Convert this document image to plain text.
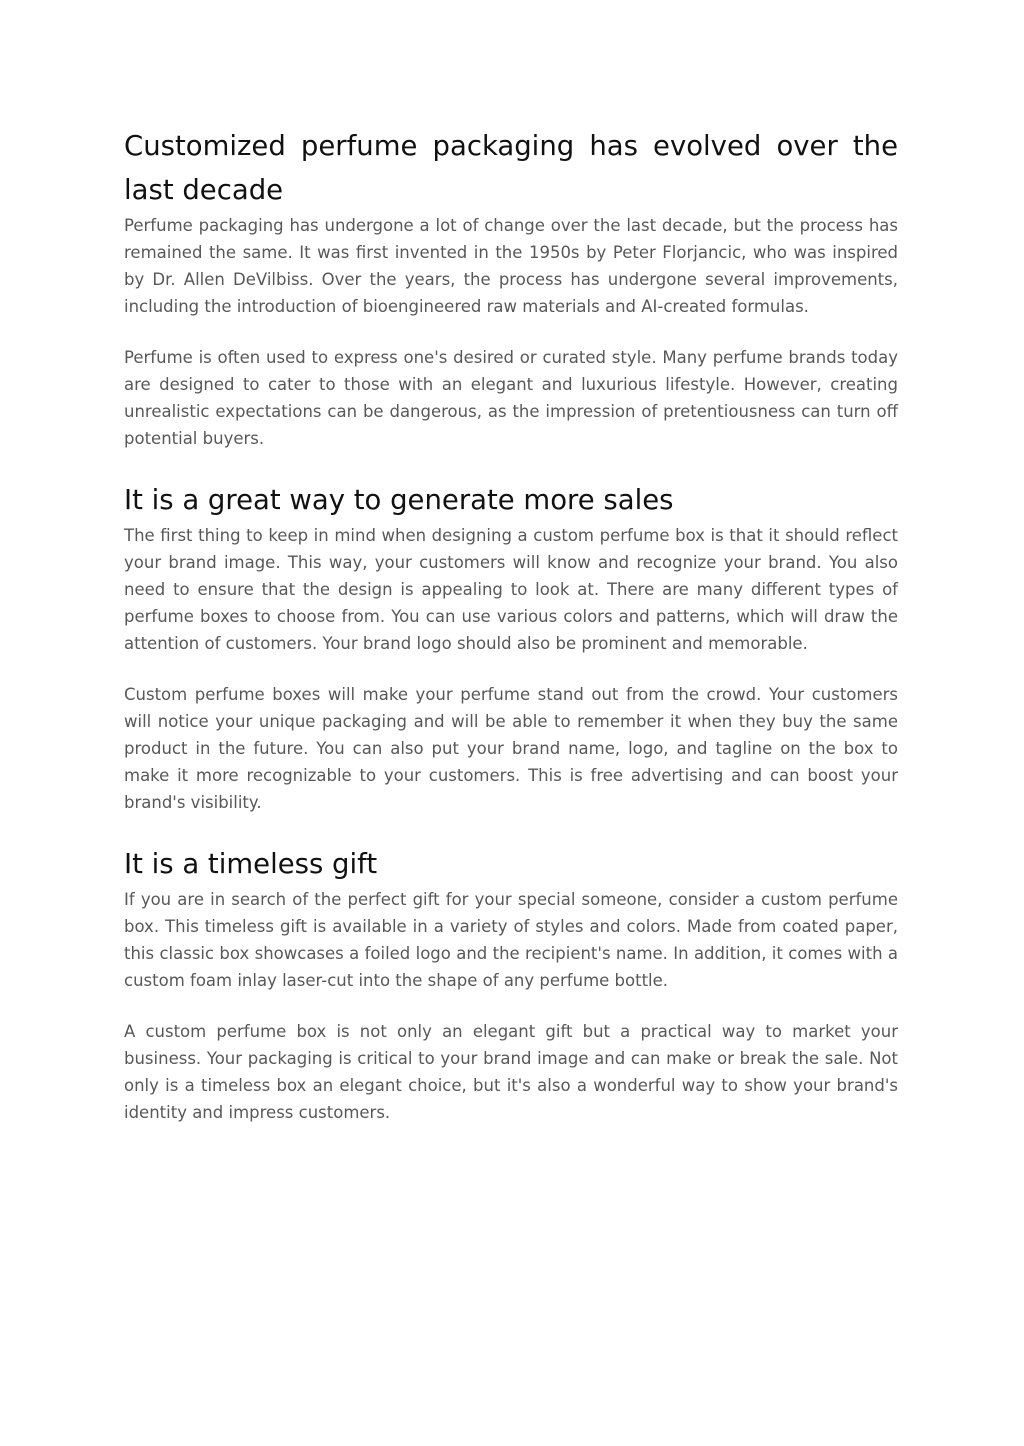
Customized perfume packaging has evolved over the last decade

Perfume packaging has undergone a lot of change over the last decade, but the process has remained the same. It was first invented in the 1950s by Peter Florjancic, who was inspired by Dr. Allen DeVilbiss. Over the years, the process has undergone several improvements, including the introduction of bioengineered raw materials and AI-created formulas.

Perfume is often used to express one's desired or curated style. Many perfume brands today are designed to cater to those with an elegant and luxurious lifestyle. However, creating unrealistic expectations can be dangerous, as the impression of pretentiousness can turn off potential buyers.

It is a great way to generate more sales

The first thing to keep in mind when designing a custom perfume box is that it should reflect your brand image. This way, your customers will know and recognize your brand. You also need to ensure that the design is appealing to look at. There are many different types of perfume boxes to choose from. You can use various colors and patterns, which will draw the attention of customers. Your brand logo should also be prominent and memorable.

Custom perfume boxes will make your perfume stand out from the crowd. Your customers will notice your unique packaging and will be able to remember it when they buy the same product in the future. You can also put your brand name, logo, and tagline on the box to make it more recognizable to your customers. This is free advertising and can boost your brand's visibility.

It is a timeless gift

If you are in search of the perfect gift for your special someone, consider a custom perfume box. This timeless gift is available in a variety of styles and colors. Made from coated paper, this classic box showcases a foiled logo and the recipient's name. In addition, it comes with a custom foam inlay laser-cut into the shape of any perfume bottle.

A custom perfume box is not only an elegant gift but a practical way to market your business. Your packaging is critical to your brand image and can make or break the sale. Not only is a timeless box an elegant choice, but it's also a wonderful way to show your brand's identity and impress customers.
